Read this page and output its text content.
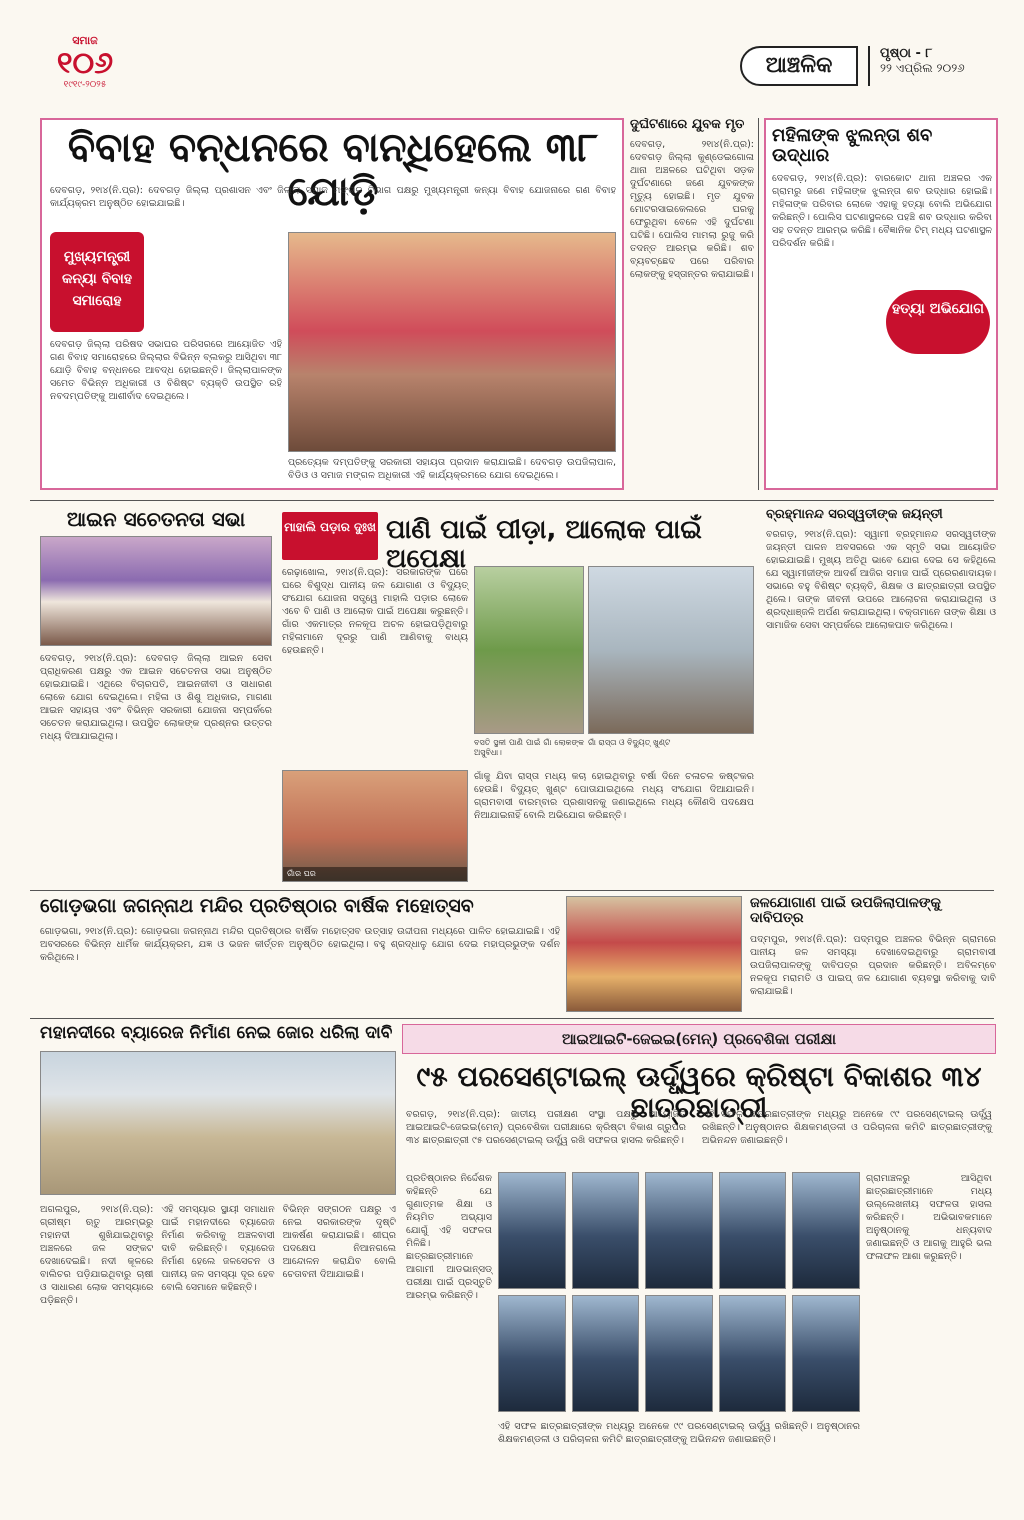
ସମାଜ
୧୦୬
୧୯୧୯-୨୦୨୫
ଆଞ୍ଚଳିକ	ପୃଷ୍ଠା - ୮
୨୨ ଏପ୍ରିଲ ୨୦୨୬
ବିବାହ ବନ୍ଧନରେ ବାନ୍ଧିହେଲେ ୩୮ ଯୋଡ଼ି
ଦେବଗଡ଼, ୨୧ା୪(ନି.ପ୍ର): ଦେବଗଡ଼ ଜିଲ୍ଲା ପ୍ରଶାସନ ଏବଂ ଜିଲ୍ଲା ସମାଜ ମଙ୍ଗଳ ବିଭାଗ ପକ୍ଷରୁ ମୁଖ୍ୟମନ୍ତ୍ରୀ କନ୍ୟା ବିବାହ ଯୋଜନାରେ ଗଣ ବିବାହ କାର୍ଯ୍ୟକ୍ରମ ଅନୁଷ୍ଠିତ ହୋଇଯାଇଛି।
ମୁଖ୍ୟମନ୍ତ୍ରୀ କନ୍ୟା ବିବାହ ସମାରୋହ
ଦେବଗଡ଼ ଜିଲ୍ଲା ପରିଷଦ ସଭାଘର ପରିସରରେ ଆୟୋଜିତ ଏହି ଗଣ ବିବାହ ସମାରୋହରେ ଜିଲ୍ଲାର ବିଭିନ୍ନ ବ୍ଲକରୁ ଆସିଥିବା ୩୮ ଯୋଡ଼ି ବିବାହ ବନ୍ଧନରେ ଆବଦ୍ଧ ହୋଇଛନ୍ତି। ଜିଲ୍ଲାପାଳଙ୍କ ସମେତ ବିଭିନ୍ନ ଅଧିକାରୀ ଓ ବିଶିଷ୍ଟ ବ୍ୟକ୍ତି ଉପସ୍ଥିତ ରହି ନବଦମ୍ପତିଙ୍କୁ ଆଶୀର୍ବାଦ ଦେଇଥିଲେ।
ପ୍ରତ୍ୟେକ ଦମ୍ପତିଙ୍କୁ ସରକାରୀ ସହାୟତା ପ୍ରଦାନ କରାଯାଇଛି। ଦେବଗଡ଼ ଉପଜିଲାପାଳ, ବିଡିଓ ଓ ସମାଜ ମଙ୍ଗଳ ଅଧିକାରୀ ଏହି କାର୍ଯ୍ୟକ୍ରମରେ ଯୋଗ ଦେଇଥିଲେ।
ଦୁର୍ଘଟଣାରେ ଯୁବକ ମୃତ
ଦେବଗଡ଼, ୨୧ା୪(ନି.ପ୍ର): ଦେବଗଡ଼ ଜିଲ୍ଲା କୁଣ୍ଡେଇଗୋଳା ଥାନା ଅଞ୍ଚଳରେ ଘଟିଥିବା ସଡ଼କ ଦୁର୍ଘଟଣାରେ ଜଣେ ଯୁବକଙ୍କ ମୃତ୍ୟୁ ହୋଇଛି। ମୃତ ଯୁବକ ମୋଟରସାଇକେଲରେ ଘରକୁ ଫେରୁଥିବା ବେଳେ ଏହି ଦୁର୍ଘଟଣା ଘଟିଛି। ପୋଲିସ ମାମଲା ରୁଜୁ କରି ତଦନ୍ତ ଆରମ୍ଭ କରିଛି। ଶବ ବ୍ୟବଚ୍ଛେଦ ପରେ ପରିବାର ଲୋକଙ୍କୁ ହସ୍ତାନ୍ତର କରାଯାଇଛି।
ମହିଳାଙ୍କ ଝୁଲନ୍ତା ଶବ ଉଦ୍ଧାର
ଦେବଗଡ଼, ୨୧ା୪(ନି.ପ୍ର): ବାରକୋଟ ଥାନା ଅଞ୍ଚଳର ଏକ ଗ୍ରାମରୁ ଜଣେ ମହିଳାଙ୍କ ଝୁଲନ୍ତା ଶବ ଉଦ୍ଧାର ହୋଇଛି। ମହିଳାଙ୍କ ପରିବାର ଲୋକେ ଏହାକୁ ହତ୍ୟା ବୋଲି ଅଭିଯୋଗ କରିଛନ୍ତି। ପୋଲିସ ଘଟଣାସ୍ଥଳରେ ପହଞ୍ଚି ଶବ ଉଦ୍ଧାର କରିବା ସହ ତଦନ୍ତ ଆରମ୍ଭ କରିଛି। ବୈଜ୍ଞାନିକ ଟିମ୍ ମଧ୍ୟ ଘଟଣାସ୍ଥଳ ପରିଦର୍ଶନ କରିଛି।
ହତ୍ୟା ଅଭିଯୋଗ
ଆଇନ ସଚେତନତା ସଭା
ଦେବଗଡ଼, ୨୧ା୪(ନି.ପ୍ର): ଦେବଗଡ଼ ଜିଲ୍ଲା ଆଇନ ସେବା ପ୍ରାଧିକରଣ ପକ୍ଷରୁ ଏକ ଆଇନ ସଚେତନତା ସଭା ଅନୁଷ୍ଠିତ ହୋଇଯାଇଛି। ଏଥିରେ ବିଚାରପତି, ଆଇନଜୀବୀ ଓ ସାଧାରଣ ଲୋକେ ଯୋଗ ଦେଇଥିଲେ। ମହିଳା ଓ ଶିଶୁ ଅଧିକାର, ମାଗଣା ଆଇନ ସହାୟତା ଏବଂ ବିଭିନ୍ନ ସରକାରୀ ଯୋଜନା ସମ୍ପର୍କରେ ସଚେତନ କରାଯାଇଥିଲା। ଉପସ୍ଥିତ ଲୋକଙ୍କ ପ୍ରଶ୍ନର ଉତ୍ତର ମଧ୍ୟ ଦିଆଯାଇଥିଲା।
ମାହାଲି ପଡ଼ାର ଦୁଃଖ ପାଣି ପାଇଁ ପୀଡ଼ା, ଆଲୋକ ପାଇଁ ଅପେକ୍ଷା
ରେଢ଼ାଖୋଲ, ୨୧ା୪(ନି.ପ୍ର): ସରକାରଙ୍କ ଘରେ ଘରେ ବିଶୁଦ୍ଧ ପାନୀୟ ଜଳ ଯୋଗାଣ ଓ ବିଦ୍ୟୁତ୍ ସଂଯୋଗ ଯୋଜନା ସତ୍ତ୍ୱେ ମାହାଲି ପଡ଼ାର ଲୋକେ ଏବେ ବି ପାଣି ଓ ଆଲୋକ ପାଇଁ ଅପେକ୍ଷା କରୁଛନ୍ତି। ଗାଁର ଏକମାତ୍ର ନଳକୂପ ଅଚଳ ହୋଇପଡ଼ିଥିବାରୁ ମହିଳାମାନେ ଦୂରରୁ ପାଣି ଆଣିବାକୁ ବାଧ୍ୟ ହେଉଛନ୍ତି।
ବସତି ସ୍ଥଳୀ ପାଣି ପାଇଁ ଗାଁ ଲୋକଙ୍କ ଅସୁବିଧା।
ଗାଁ ରାସ୍ତା ଓ ବିଦ୍ୟୁତ୍ ଖୁଣ୍ଟ
ଗାଁର ଘର
ଗାଁକୁ ଯିବା ରାସ୍ତା ମଧ୍ୟ କଚା ହୋଇଥିବାରୁ ବର୍ଷା ଦିନେ ଚଳାଚଳ କଷ୍ଟକର ହେଉଛି। ବିଦ୍ୟୁତ୍ ଖୁଣ୍ଟ ପୋତାଯାଇଥିଲେ ମଧ୍ୟ ସଂଯୋଗ ଦିଆଯାଇନି। ଗ୍ରାମବାସୀ ବାରମ୍ବାର ପ୍ରଶାସନକୁ ଜଣାଇଥିଲେ ମଧ୍ୟ କୌଣସି ପଦକ୍ଷେପ ନିଆଯାଇନାହିଁ ବୋଲି ଅଭିଯୋଗ କରିଛନ୍ତି।
ବ୍ରହ୍ମାନନ୍ଦ ସରସ୍ୱତୀଙ୍କ ଜୟନ୍ତୀ
ବରଗଡ଼, ୨୧ା୪(ନି.ପ୍ର): ସ୍ୱାମୀ ବ୍ରହ୍ମାନନ୍ଦ ସରସ୍ୱତୀଙ୍କ ଜୟନ୍ତୀ ପାଳନ ଅବସରରେ ଏକ ସ୍ମୃତି ସଭା ଆୟୋଜିତ ହୋଇଯାଇଛି। ମୁଖ୍ୟ ଅତିଥି ଭାବେ ଯୋଗ ଦେଇ ସେ କହିଥିଲେ ଯେ ସ୍ୱାମୀଜୀଙ୍କ ଆଦର୍ଶ ଆଜିର ସମାଜ ପାଇଁ ପ୍ରେରଣାଦାୟକ। ସଭାରେ ବହୁ ବିଶିଷ୍ଟ ବ୍ୟକ୍ତି, ଶିକ୍ଷକ ଓ ଛାତ୍ରଛାତ୍ରୀ ଉପସ୍ଥିତ ଥିଲେ। ତାଙ୍କ ଜୀବନୀ ଉପରେ ଆଲୋଚନା କରାଯାଇଥିଲା ଓ ଶ୍ରଦ୍ଧାଞ୍ଜଳି ଅର୍ପଣ କରାଯାଇଥିଲା। ବକ୍ତାମାନେ ତାଙ୍କ ଶିକ୍ଷା ଓ ସାମାଜିକ ସେବା ସମ୍ପର୍କରେ ଆଲୋକପାତ କରିଥିଲେ।
ଗୋଡ଼ଭଗା ଜଗନ୍ନାଥ ମନ୍ଦିର ପ୍ରତିଷ୍ଠାର ବାର୍ଷିକ ମହୋତ୍ସବ
ଗୋଡ଼ଭଗା, ୨୧ା୪(ନି.ପ୍ର): ଗୋଡ଼ଭଗା ଜଗନ୍ନାଥ ମନ୍ଦିର ପ୍ରତିଷ୍ଠାର ବାର୍ଷିକ ମହୋତ୍ସବ ଉତ୍ସାହ ଉଦ୍ଦୀପନା ମଧ୍ୟରେ ପାଳିତ ହୋଇଯାଇଛି। ଏହି ଅବସରରେ ବିଭିନ୍ନ ଧାର୍ମିକ କାର୍ଯ୍ୟକ୍ରମ, ଯଜ୍ଞ ଓ ଭଜନ କୀର୍ତ୍ତନ ଅନୁଷ୍ଠିତ ହୋଇଥିଲା। ବହୁ ଶ୍ରଦ୍ଧାଳୁ ଯୋଗ ଦେଇ ମହାପ୍ରଭୁଙ୍କ ଦର୍ଶନ କରିଥିଲେ।
ଜଳଯୋଗାଣ ପାଇଁ ଉପଜିଲାପାଳଙ୍କୁ ଦାବିପତ୍ର
ପଦ୍ମପୁର, ୨୧ା୪(ନି.ପ୍ର): ପଦ୍ମପୁର ଅଞ୍ଚଳର ବିଭିନ୍ନ ଗ୍ରାମରେ ପାନୀୟ ଜଳ ସମସ୍ୟା ଦେଖାଦେଇଥିବାରୁ ଗ୍ରାମବାସୀ ଉପଜିଲାପାଳଙ୍କୁ ଦାବିପତ୍ର ପ୍ରଦାନ କରିଛନ୍ତି। ଅବିଳମ୍ବେ ନଳକୂପ ମରାମତି ଓ ପାଇପ୍ ଜଳ ଯୋଗାଣ ବ୍ୟବସ୍ଥା କରିବାକୁ ଦାବି କରାଯାଇଛି।
ମହାନଦୀରେ ବ୍ୟାରେଜ ନିର୍ମାଣ ନେଇ ଜୋର ଧରିଲା ଦାବି
ଅଗଲପୁର, ୨୧ା୪(ନି.ପ୍ର): ଗ୍ରୀଷ୍ମ ଋତୁ ଆରମ୍ଭରୁ ମହାନଦୀ ଶୁଖିଯାଇଥିବାରୁ ଅଞ୍ଚଳରେ ଜଳ ସଙ୍କଟ ଦେଖାଦେଇଛି। ନଦୀ କୂଳରେ ବାଲିଚର ପଡ଼ିଯାଇଥିବାରୁ ଚାଷୀ ଓ ସାଧାରଣ ଲୋକ ସମସ୍ୟାରେ ପଡ଼ିଛନ୍ତି।
ଏହି ସମସ୍ୟାର ସ୍ଥାୟୀ ସମାଧାନ ପାଇଁ ମହାନଦୀରେ ବ୍ୟାରେଜ ନିର୍ମାଣ କରିବାକୁ ଅଞ୍ଚଳବାସୀ ଦାବି କରିଛନ୍ତି। ବ୍ୟାରେଜ ନିର୍ମାଣ ହେଲେ ଜଳସେଚନ ଓ ପାନୀୟ ଜଳ ସମସ୍ୟା ଦୂର ହେବ ବୋଲି ସେମାନେ କହିଛନ୍ତି।
ବିଭିନ୍ନ ସଙ୍ଗଠନ ପକ୍ଷରୁ ଏ ନେଇ ସରକାରଙ୍କ ଦୃଷ୍ଟି ଆକର୍ଷଣ କରାଯାଇଛି। ଶୀଘ୍ର ପଦକ୍ଷେପ ନିଆନଗଲେ ଆନ୍ଦୋଳନ କରାଯିବ ବୋଲି ଚେତାବନୀ ଦିଆଯାଇଛି।
ଆଇଆଇଟି-ଜେଇଇ(ମେନ୍) ପ୍ରବେଶିକା ପରୀକ୍ଷା
୯୫ ପରସେଣ୍ଟାଇଲ୍ ଊର୍ଦ୍ଧ୍ୱରେ କ୍ରିଷ୍ଟା ବିକାଶର ୩୪ ଛାତ୍ରଛାତ୍ରୀ
ବରଗଡ଼, ୨୧ା୪(ନି.ପ୍ର): ଜାତୀୟ ପରୀକ୍ଷଣ ସଂସ୍ଥା ପକ୍ଷରୁ ଆୟୋଜିତ ଆଇଆଇଟି-ଜେଇଇ(ମେନ୍) ପ୍ରବେଶିକା ପରୀକ୍ଷାରେ କ୍ରିଷ୍ଟା ବିକାଶ ଗ୍ରୁପର ୩୪ ଛାତ୍ରଛାତ୍ରୀ ୯୫ ପରସେଣ୍ଟାଇଲ୍ ଊର୍ଦ୍ଧ୍ୱ ରଖି ସଫଳତା ହାସଲ କରିଛନ୍ତି।
ଏହି ସଫଳ ଛାତ୍ରଛାତ୍ରୀଙ୍କ ମଧ୍ୟରୁ ଅନେକେ ୯୯ ପରସେଣ୍ଟାଇଲ୍ ଊର୍ଦ୍ଧ୍ୱ ରଖିଛନ୍ତି। ଅନୁଷ୍ଠାନର ଶିକ୍ଷକମଣ୍ଡଳୀ ଓ ପରିଚାଳନା କମିଟି ଛାତ୍ରଛାତ୍ରୀଙ୍କୁ ଅଭିନନ୍ଦନ ଜଣାଇଛନ୍ତି।
ପ୍ରତିଷ୍ଠାନର ନିର୍ଦ୍ଦେଶକ କହିଛନ୍ତି ଯେ ଗୁଣାତ୍ମକ ଶିକ୍ଷା ଓ ନିୟମିତ ଅଭ୍ୟାସ ଯୋଗୁଁ ଏହି ସଫଳତା ମିଳିଛି। ଛାତ୍ରଛାତ୍ରୀମାନେ ଆଗାମୀ ଆଡଭାନ୍ସଡ୍ ପରୀକ୍ଷା ପାଇଁ ପ୍ରସ୍ତୁତି ଆରମ୍ଭ କରିଛନ୍ତି।
ଗ୍ରାମାଞ୍ଚଳରୁ ଆସିଥିବା ଛାତ୍ରଛାତ୍ରୀମାନେ ମଧ୍ୟ ଉଲ୍ଲେଖନୀୟ ସଫଳତା ହାସଲ କରିଛନ୍ତି। ଅଭିଭାବକମାନେ ଅନୁଷ୍ଠାନକୁ ଧନ୍ୟବାଦ ଜଣାଇଛନ୍ତି ଓ ଆଗକୁ ଆହୁରି ଭଲ ଫଳାଫଳ ଆଶା କରୁଛନ୍ତି।
ଏହି ସଫଳ ଛାତ୍ରଛାତ୍ରୀଙ୍କ ମଧ୍ୟରୁ ଅନେକେ ୯୯ ପରସେଣ୍ଟାଇଲ୍ ଊର୍ଦ୍ଧ୍ୱ ରଖିଛନ୍ତି। ଅନୁଷ୍ଠାନର ଶିକ୍ଷକମଣ୍ଡଳୀ ଓ ପରିଚାଳନା କମିଟି ଛାତ୍ରଛାତ୍ରୀଙ୍କୁ ଅଭିନନ୍ଦନ ଜଣାଇଛନ୍ତି।
